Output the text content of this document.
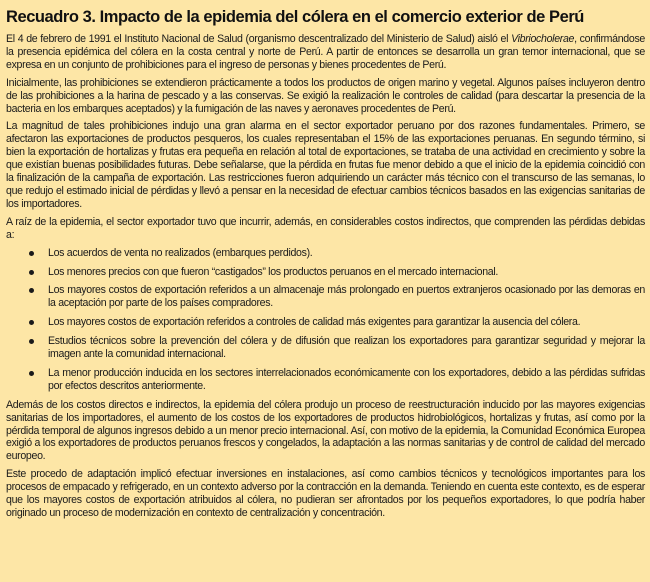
Recuadro 3. Impacto de la epidemia del cólera en el comercio exterior de Perú

El 4 de febrero de 1991 el Instituto Nacional de Salud (organismo descentralizado del Ministerio de Salud) aisló el Vibriocholerae, confirmándose la presencia epidémica del cólera en la costa central y norte de Perú. A partir de entonces se desarrolla un gran temor internacional, que se expresa en un conjunto de prohibiciones para el ingreso de personas y bienes procedentes de Perú.

Inicialmente, las prohibiciones se extendieron prácticamente a todos los productos de origen marino y vegetal. Algunos países incluyeron dentro de las prohibiciones a la harina de pescado y a las conservas. Se exigió la realización le controles de calidad (para descartar la presencia de la bacteria en los embarques aceptados) y la fumigación de las naves y aeronaves procedentes de Perú.

La magnitud de tales prohibiciones indujo una gran alarma en el sector exportador peruano por dos razones fundamentales. Primero, se afectaron las exportaciones de productos pesqueros, los cuales representaban el 15% de las exportaciones peruanas. En segundo término, si bien la exportación de hortalizas y frutas era pequeña en relación al total de exportaciones, se trataba de una actividad en crecimiento y sobre la que existían buenas posibilidades futuras. Debe señalarse, que la pérdida en frutas fue menor debido a que el inicio de la epidemia coincidió con la finalización de la campaña de exportación. Las restricciones fueron adquiriendo un carácter más técnico con el transcurso de las semanas, lo que redujo el estimado inicial de pérdidas y llevó a pensar en la necesidad de efectuar cambios técnicos basados en las exigencias sanitarias de los importadores.

A raíz de la epidemia, el sector exportador tuvo que incurrir, además, en considerables costos indirectos, que comprenden las pérdidas debidas a:

Los acuerdos de venta no realizados (embarques perdidos).
Los menores precios con que fueron “castigados” los productos peruanos en el mercado internacional.
Los mayores costos de exportación referidos a un almacenaje más prolongado en puertos extranjeros ocasionado por las demoras en la aceptación por parte de los países compradores.
Los mayores costos de exportación referidos a controles de calidad más exigentes para garantizar la ausencia del cólera.
Estudios técnicos sobre la prevención del cólera y de difusión que realizan los exportadores para garantizar seguridad y mejorar la imagen ante la comunidad internacional.
La menor producción inducida en los sectores interrelacionados económicamente con los exportadores, debido a las pérdidas sufridas por efectos descritos anteriormente.

Además de los costos directos e indirectos, la epidemia del cólera produjo un proceso de reestructuración inducido por las mayores exigencias sanitarias de los importadores, el aumento de los costos de los exportadores de productos hidrobiológicos, hortalizas y frutas, así como por la pérdida temporal de algunos ingresos debido a un menor precio internacional. Así, con motivo de la epidemia, la Comunidad Económica Europea exigió a los exportadores de productos peruanos frescos y congelados, la adaptación a las normas sanitarias y de control de calidad del mercado europeo.

Este procedo de adaptación implicó efectuar inversiones en instalaciones, así como cambios técnicos y tecnológicos importantes para los procesos de empacado y refrigerado, en un contexto adverso por la contracción en la demanda. Teniendo en cuenta este contexto, es de esperar que los mayores costos de exportación atribuidos al cólera, no pudieran ser afrontados por los pequeños exportadores, lo que podría haber originado un proceso de modernización en contexto de centralización y concentración.
